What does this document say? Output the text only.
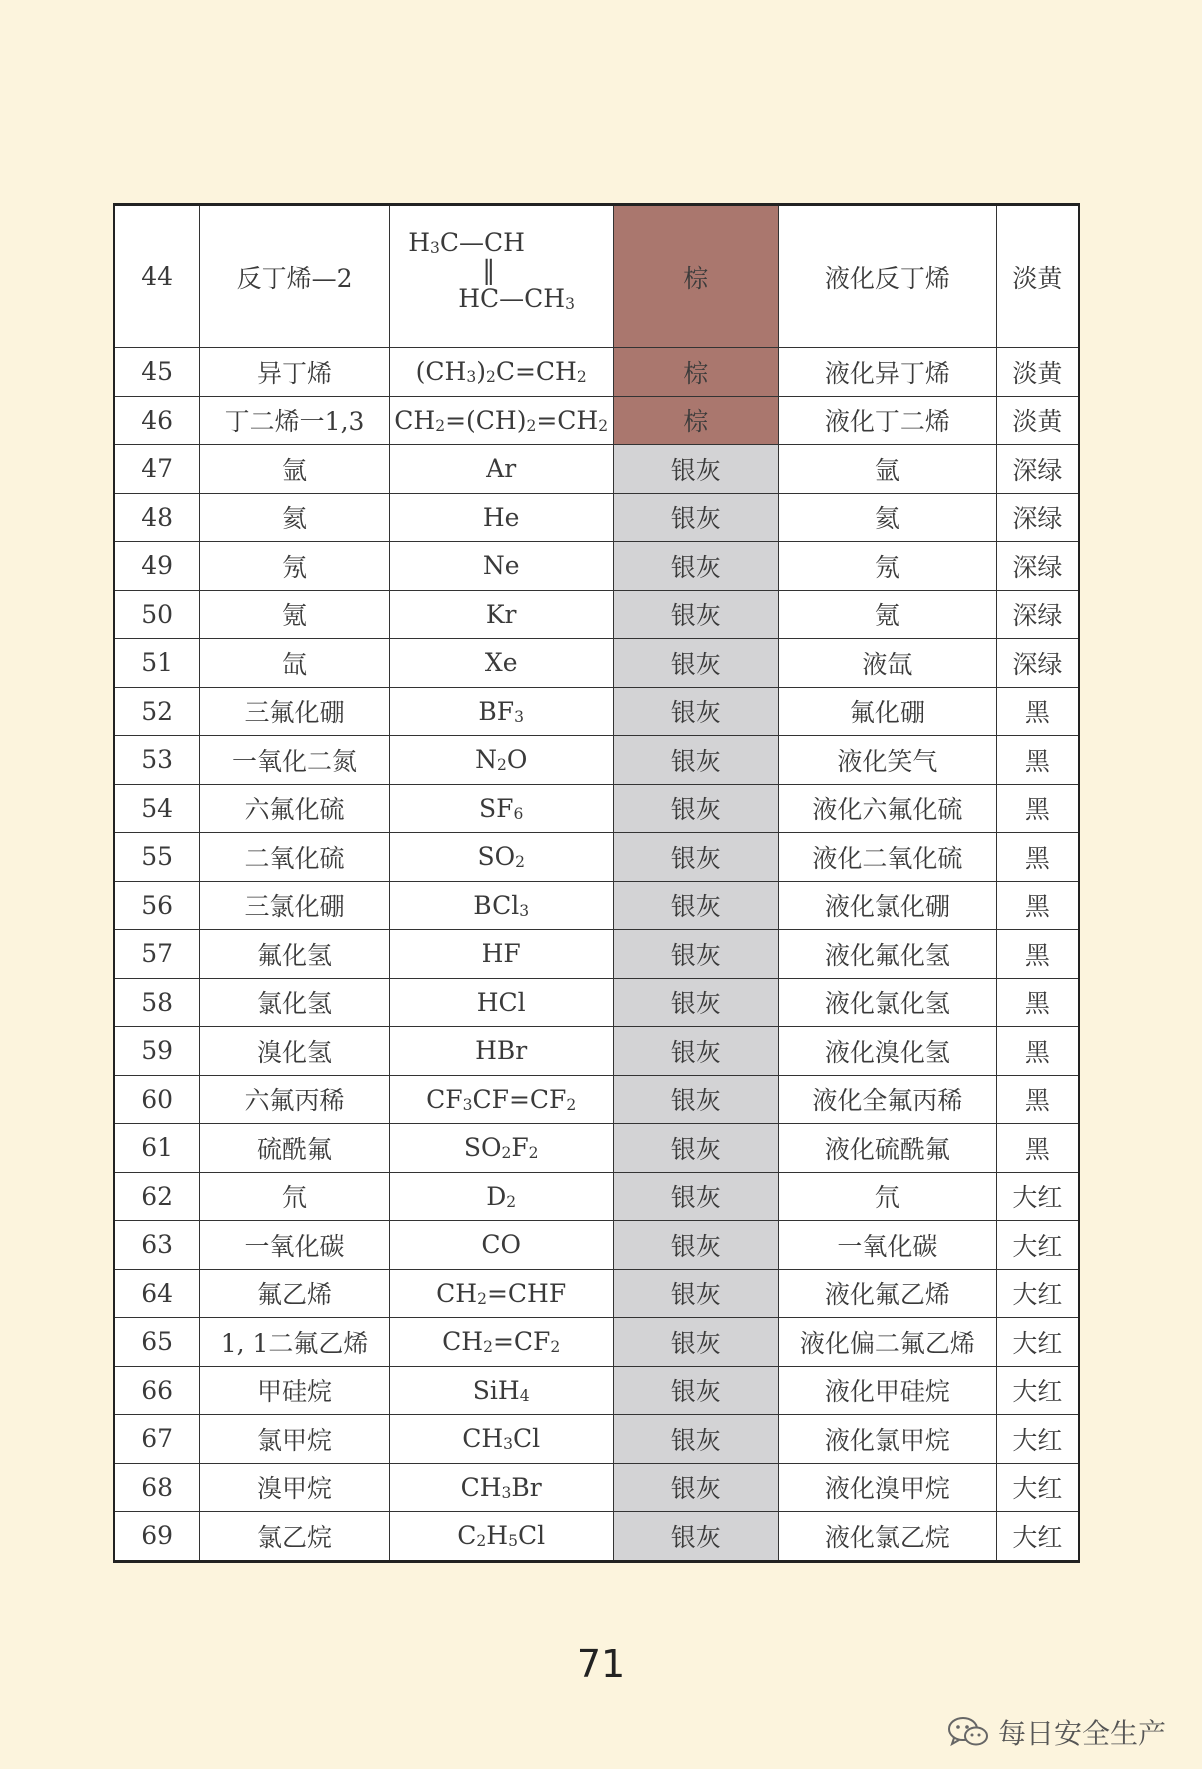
44	反丁烯—2	$H_3C—CH$
‖
$HC—CH_3$	棕	液化反丁烯	淡黄
45	异丁烯	$(CH_3)_2C=CH_2$	棕	液化异丁烯	淡黄
46	丁二烯一1,3	$CH_2=(CH)_2=CH_2$	棕	液化丁二烯	淡黄
47	氩	Ar	银灰	氩	深绿
48	氦	He	银灰	氦	深绿
49	氖	Ne	银灰	氖	深绿
50	氪	Kr	银灰	氪	深绿
51	氙	Xe	银灰	液氙	深绿
52	三氟化硼	$BF_3$	银灰	氟化硼	黑
53	一氧化二氮	$N_2O$	银灰	液化笑气	黑
54	六氟化硫	$SF_6$	银灰	液化六氟化硫	黑
55	二氧化硫	$SO_2$	银灰	液化二氧化硫	黑
56	三氯化硼	BCl$_3$	银灰	液化氯化硼	黑
57	氟化氢	HF	银灰	液化氟化氢	黑
58	氯化氢	HCl	银灰	液化氯化氢	黑
59	溴化氢	HBr	银灰	液化溴化氢	黑
60	六氟丙稀	$CF_3CF=CF_2$	银灰	液化全氟丙稀	黑
61	硫酰氟	$SO_2F_2$	银灰	液化硫酰氟	黑
62	氘	$D_2$	银灰	氘	大红
63	一氧化碳	CO	银灰	一氧化碳	大红
64	氟乙烯	$CH_2=CHF$	银灰	液化氟乙烯	大红
65	1, 1二氟乙烯	$CH_2=CF_2$	银灰	液化偏二氟乙烯	大红
66	甲硅烷	SiH$_4$	银灰	液化甲硅烷	大红
67	氯甲烷	$CH_3Cl$	银灰	液化氯甲烷	大红
68	溴甲烷	$CH_3Br$	银灰	液化溴甲烷	大红
69	氯乙烷	$C_2H_5Cl$	银灰	液化氯乙烷	大红
71
每日安全生产
